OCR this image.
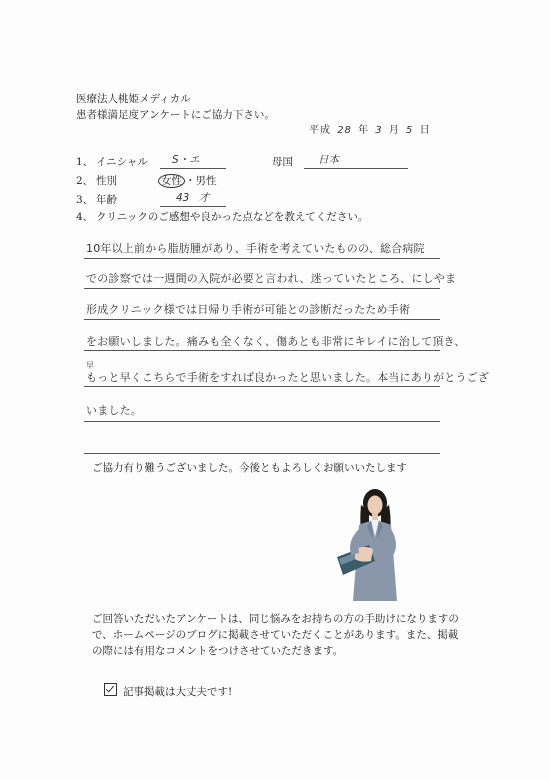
医療法人桃姫メディカル
患者様満足度アンケートにご協力下さい。
平成 28 年 3 月 5 日
1、 イニシャル S・エ	母国 日本
2、 性別	女性 ・男性
3、 年齢	43 才
4、 クリニックのご感想や良かった点などを教えてください。
10年以上前から脂肪腫があり、手術を考えていたものの、総合病院
での診察では一週間の入院が必要と言われ、迷っていたところ、にしやま
形成クリニック様では日帰り手術が可能との診断だったため手術
をお願いしました。痛みも全くなく、傷あとも非常にキレイに治して頂き、
早
もっと早くこちらで手術をすれば良かったと思いました。本当にありがとうござ
いました。
ご協力有り難うございました。今後ともよろしくお願いいたします
ご回答いただいたアンケートは、同じ悩みをお持ちの方の手助けになりますので、ホームページのブログに掲載させていただくことがあります。また、掲載の際には有用なコメントをつけさせていただきます。
記事掲載は大丈夫です!
